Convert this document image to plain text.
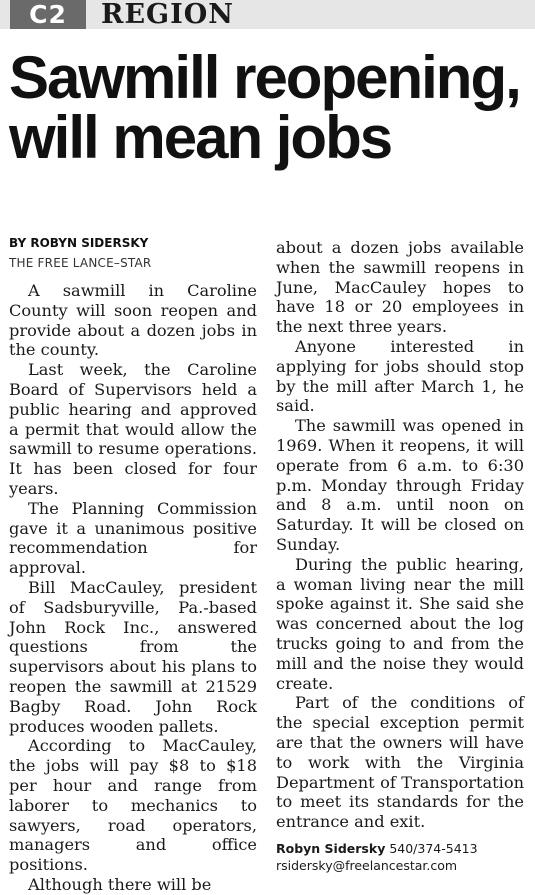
C2	REGION
Sawmill reopening, will mean jobs
BY ROBYN SIDERSKY
THE FREE LANCE–STAR

A sawmill in Caroline County will soon reopen and provide about a dozen jobs in the county.

Last week, the Caroline Board of Supervisors held a public hearing and approved a permit that would allow the sawmill to resume operations. It has been closed for four years.

The Planning Commission gave it a unanimous positive recommendation for approval.

Bill MacCauley, president of Sadsburyville, Pa.-based John Rock Inc., answered questions from the supervisors about his plans to reopen the sawmill at 21529 Bagby Road. John Rock produces wooden pallets.

According to MacCauley, the jobs will pay $8 to $18 per hour and range from laborer to mechanics to sawyers, road operators, managers and office positions.

Although there will be

about a dozen jobs available when the sawmill reopens in June, MacCauley hopes to have 18 or 20 employees in the next three years.

Anyone interested in applying for jobs should stop by the mill after March 1, he said.

The sawmill was opened in 1969. When it reopens, it will operate from 6 a.m. to 6:30 p.m. Monday through Friday and 8 a.m. until noon on Saturday. It will be closed on Sunday.

During the public hearing, a woman living near the mill spoke against it. She said she was concerned about the log trucks going to and from the mill and the noise they would create.

Part of the conditions of the special exception permit are that the owners will have to work with the Virginia Department of Transportation to meet its standards for the entrance and exit.

Robyn Sidersky 540/374-5413
rsidersky@freelancestar.com
